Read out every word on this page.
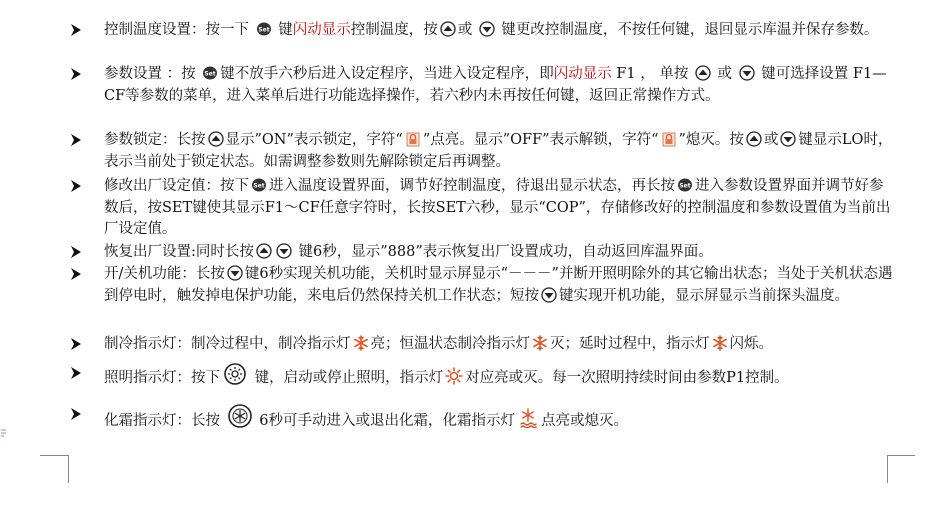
控制温度设置：按一下 Set 键闪动显示控制温度，按 或  键更改控制温度，不按任何键，退回显示库温并保存参数。
参数设置 ：按 Set 键不放手六秒后进入设定程序，当进入设定程序，即闪动显示 F1 ， 单按  或  键可选择设置 F1—CF等参数的菜单，进入菜单后进行功能选择操作，若六秒内未再按任何键，返回正常操作方式。
参数锁定：长按 显示”ON”表示锁定，字符“ ”点亮。显示”OFF”表示解锁，字符“ ”熄灭。按 或 键显示LO时，表示当前处于锁定状态。如需调整参数则先解除锁定后再调整。
修改出厂设定值：按下 Set 进入温度设置界面，调节好控制温度，待退出显示状态，再长按 Set 进入参数设置界面并调节好参数后，按SET键使其显示F1～CF任意字符时，长按SET六秒，显示“COP”，存储修改好的控制温度和参数设置值为当前出厂设定值。
恢复出厂设置:同时长按	键6秒，显示”888”表示恢复出厂设置成功，自动返回库温界面。
开/关机功能：长按 键6秒实现关机功能，关机时显示屏显示“－－－”并断开照明除外的其它输出状态；当处于关机状态遇到停电时，触发掉电保护功能，来电后仍然保持关机工作状态；短按 键实现开机功能，显示屏显示当前探头温度。
制冷指示灯：制冷过程中，制冷指示灯 亮；恒温状态制冷指示灯 灭；延时过程中，指示灯 闪烁。
照明指示灯：按下 键，启动或停止照明，指示灯 对应亮或灭。每一次照明持续时间由参数P1控制。
化霜指示灯：长按  6秒可手动进入或退出化霜，化霜指示灯 点亮或熄灭。
